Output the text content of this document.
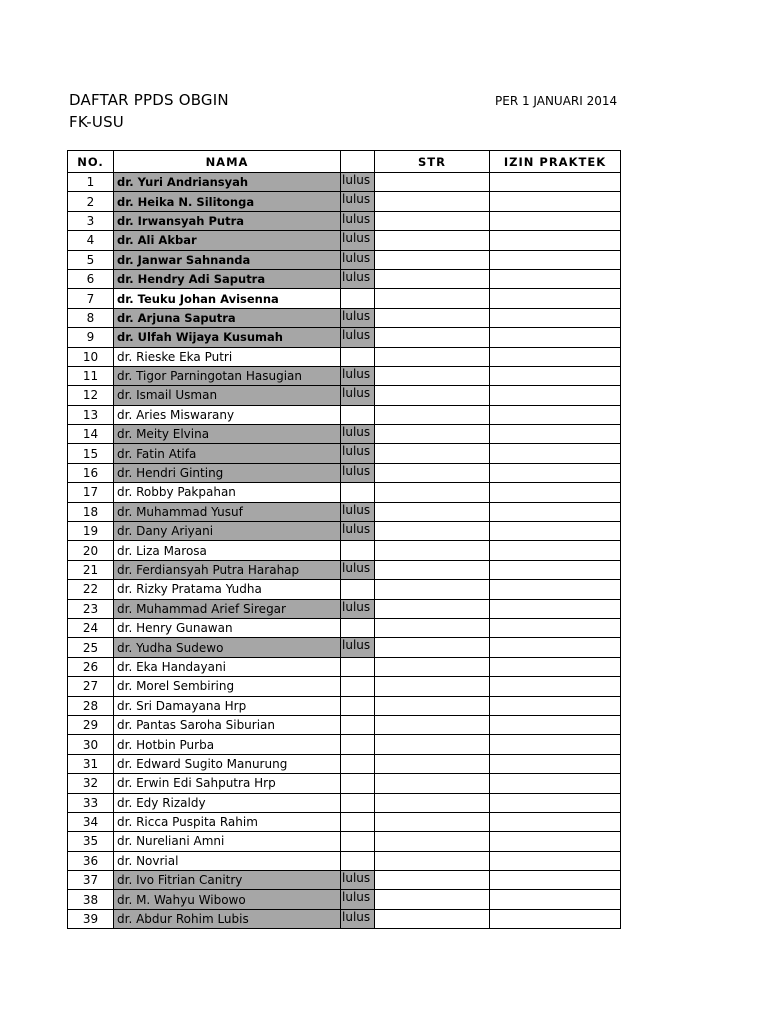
DAFTAR PPDS OBGIN
FK-USU
PER 1 JANUARI 2014
NO.	NAMA		STR	IZIN PRAKTEK
1	dr. Yuri Andriansyah	lulus		
2	dr. Heika N. Silitonga	lulus		
3	dr. Irwansyah Putra	lulus		
4	dr. Ali Akbar	lulus		
5	dr. Janwar Sahnanda	lulus		
6	dr. Hendry Adi Saputra	lulus		
7	dr. Teuku Johan Avisenna			
8	dr. Arjuna Saputra	lulus		
9	dr. Ulfah Wijaya Kusumah	lulus		
10	dr. Rieske Eka Putri			
11	dr. Tigor Parningotan Hasugian	lulus		
12	dr. Ismail Usman	lulus		
13	dr. Aries Miswarany			
14	dr. Meity Elvina	lulus		
15	dr. Fatin Atifa	lulus		
16	dr. Hendri Ginting	lulus		
17	dr. Robby Pakpahan			
18	dr. Muhammad Yusuf	lulus		
19	dr. Dany Ariyani	lulus		
20	dr. Liza Marosa			
21	dr. Ferdiansyah Putra Harahap	lulus		
22	dr. Rizky Pratama Yudha			
23	dr. Muhammad Arief Siregar	lulus		
24	dr. Henry Gunawan			
25	dr. Yudha Sudewo	lulus		
26	dr. Eka Handayani			
27	dr. Morel Sembiring			
28	dr. Sri Damayana Hrp			
29	dr. Pantas Saroha Siburian			
30	dr. Hotbin Purba			
31	dr. Edward Sugito Manurung			
32	dr. Erwin Edi Sahputra Hrp			
33	dr. Edy Rizaldy			
34	dr. Ricca Puspita Rahim			
35	dr. Nureliani Amni			
36	dr. Novrial			
37	dr. Ivo Fitrian Canitry	lulus		
38	dr. M. Wahyu Wibowo	lulus		
39	dr. Abdur Rohim Lubis	lulus		
